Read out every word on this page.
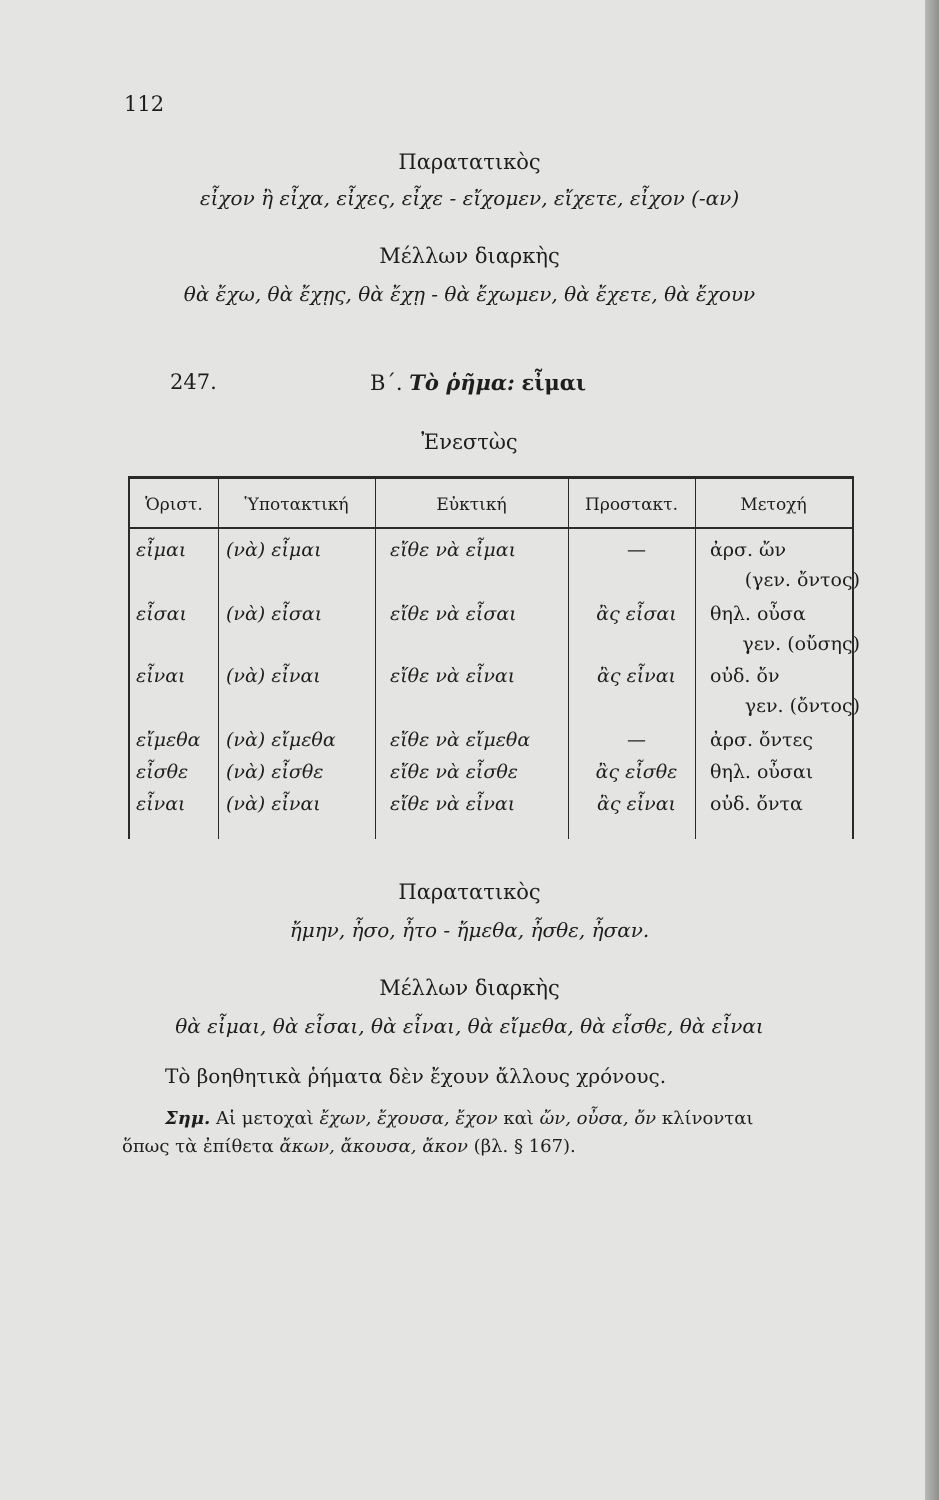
112
Παρατατικὸς
εἶχον ἢ εἶχα, εἶχες, εἶχε - εἴχομεν, εἴχετε, εἶχον (-αν)
Μέλλων διαρκὴς
θὰ ἔχω, θὰ ἔχῃς, θὰ ἔχῃ - θὰ ἔχωμεν, θὰ ἔχετε, θὰ ἔχουν
247.	Β΄. Τὸ ῥῆμα: εἶμαι
Ἐνεστὼς
Ὁριστ.	Ὑποτακτική	Εὐκτική	Προστακτ.	Μετοχή
εἶμαι (νὰ) εἶμαι	εἴθε νὰ εἶμαι	—	ἀρσ. ὤν
(γεν. ὄντος)
εἶσαι (νὰ) εἶσαι	εἴθε νὰ εἶσαι	ἂς εἶσαι	θηλ. οὖσα
γεν. (οὔσης)
εἶναι (νὰ) εἶναι	εἴθε νὰ εἶναι	ἂς εἶναι	οὐδ. ὄν
γεν. (ὄντος)
εἴμεθα (νὰ) εἴμεθα	εἴθε νὰ εἴμεθα	—	ἀρσ. ὄντες
εἶσθε (νὰ) εἶσθε	εἴθε νὰ εἶσθε	ἂς εἶσθε	θηλ. οὖσαι
εἶναι (νὰ) εἶναι	εἴθε νὰ εἶναι	ἂς εἶναι	οὐδ. ὄντα
Παρατατικὸς
ἤμην, ἦσο, ἦτο - ἤμεθα, ἦσθε, ἦσαν.
Μέλλων διαρκὴς
θὰ εἶμαι, θὰ εἶσαι, θὰ εἶναι, θὰ εἴμεθα, θὰ εἶσθε, θὰ εἶναι
Τὸ βοηθητικὰ ῥήματα δὲν ἔχουν ἄλλους χρόνους.
Σημ. Αἱ μετοχαὶ ἔχων, ἔχουσα, ἔχον καὶ ὤν, οὖσα, ὄν κλίνονται
ὅπως τὰ ἐπίθετα ἄκων, ἄκουσα, ἄκον (βλ. § 167).
